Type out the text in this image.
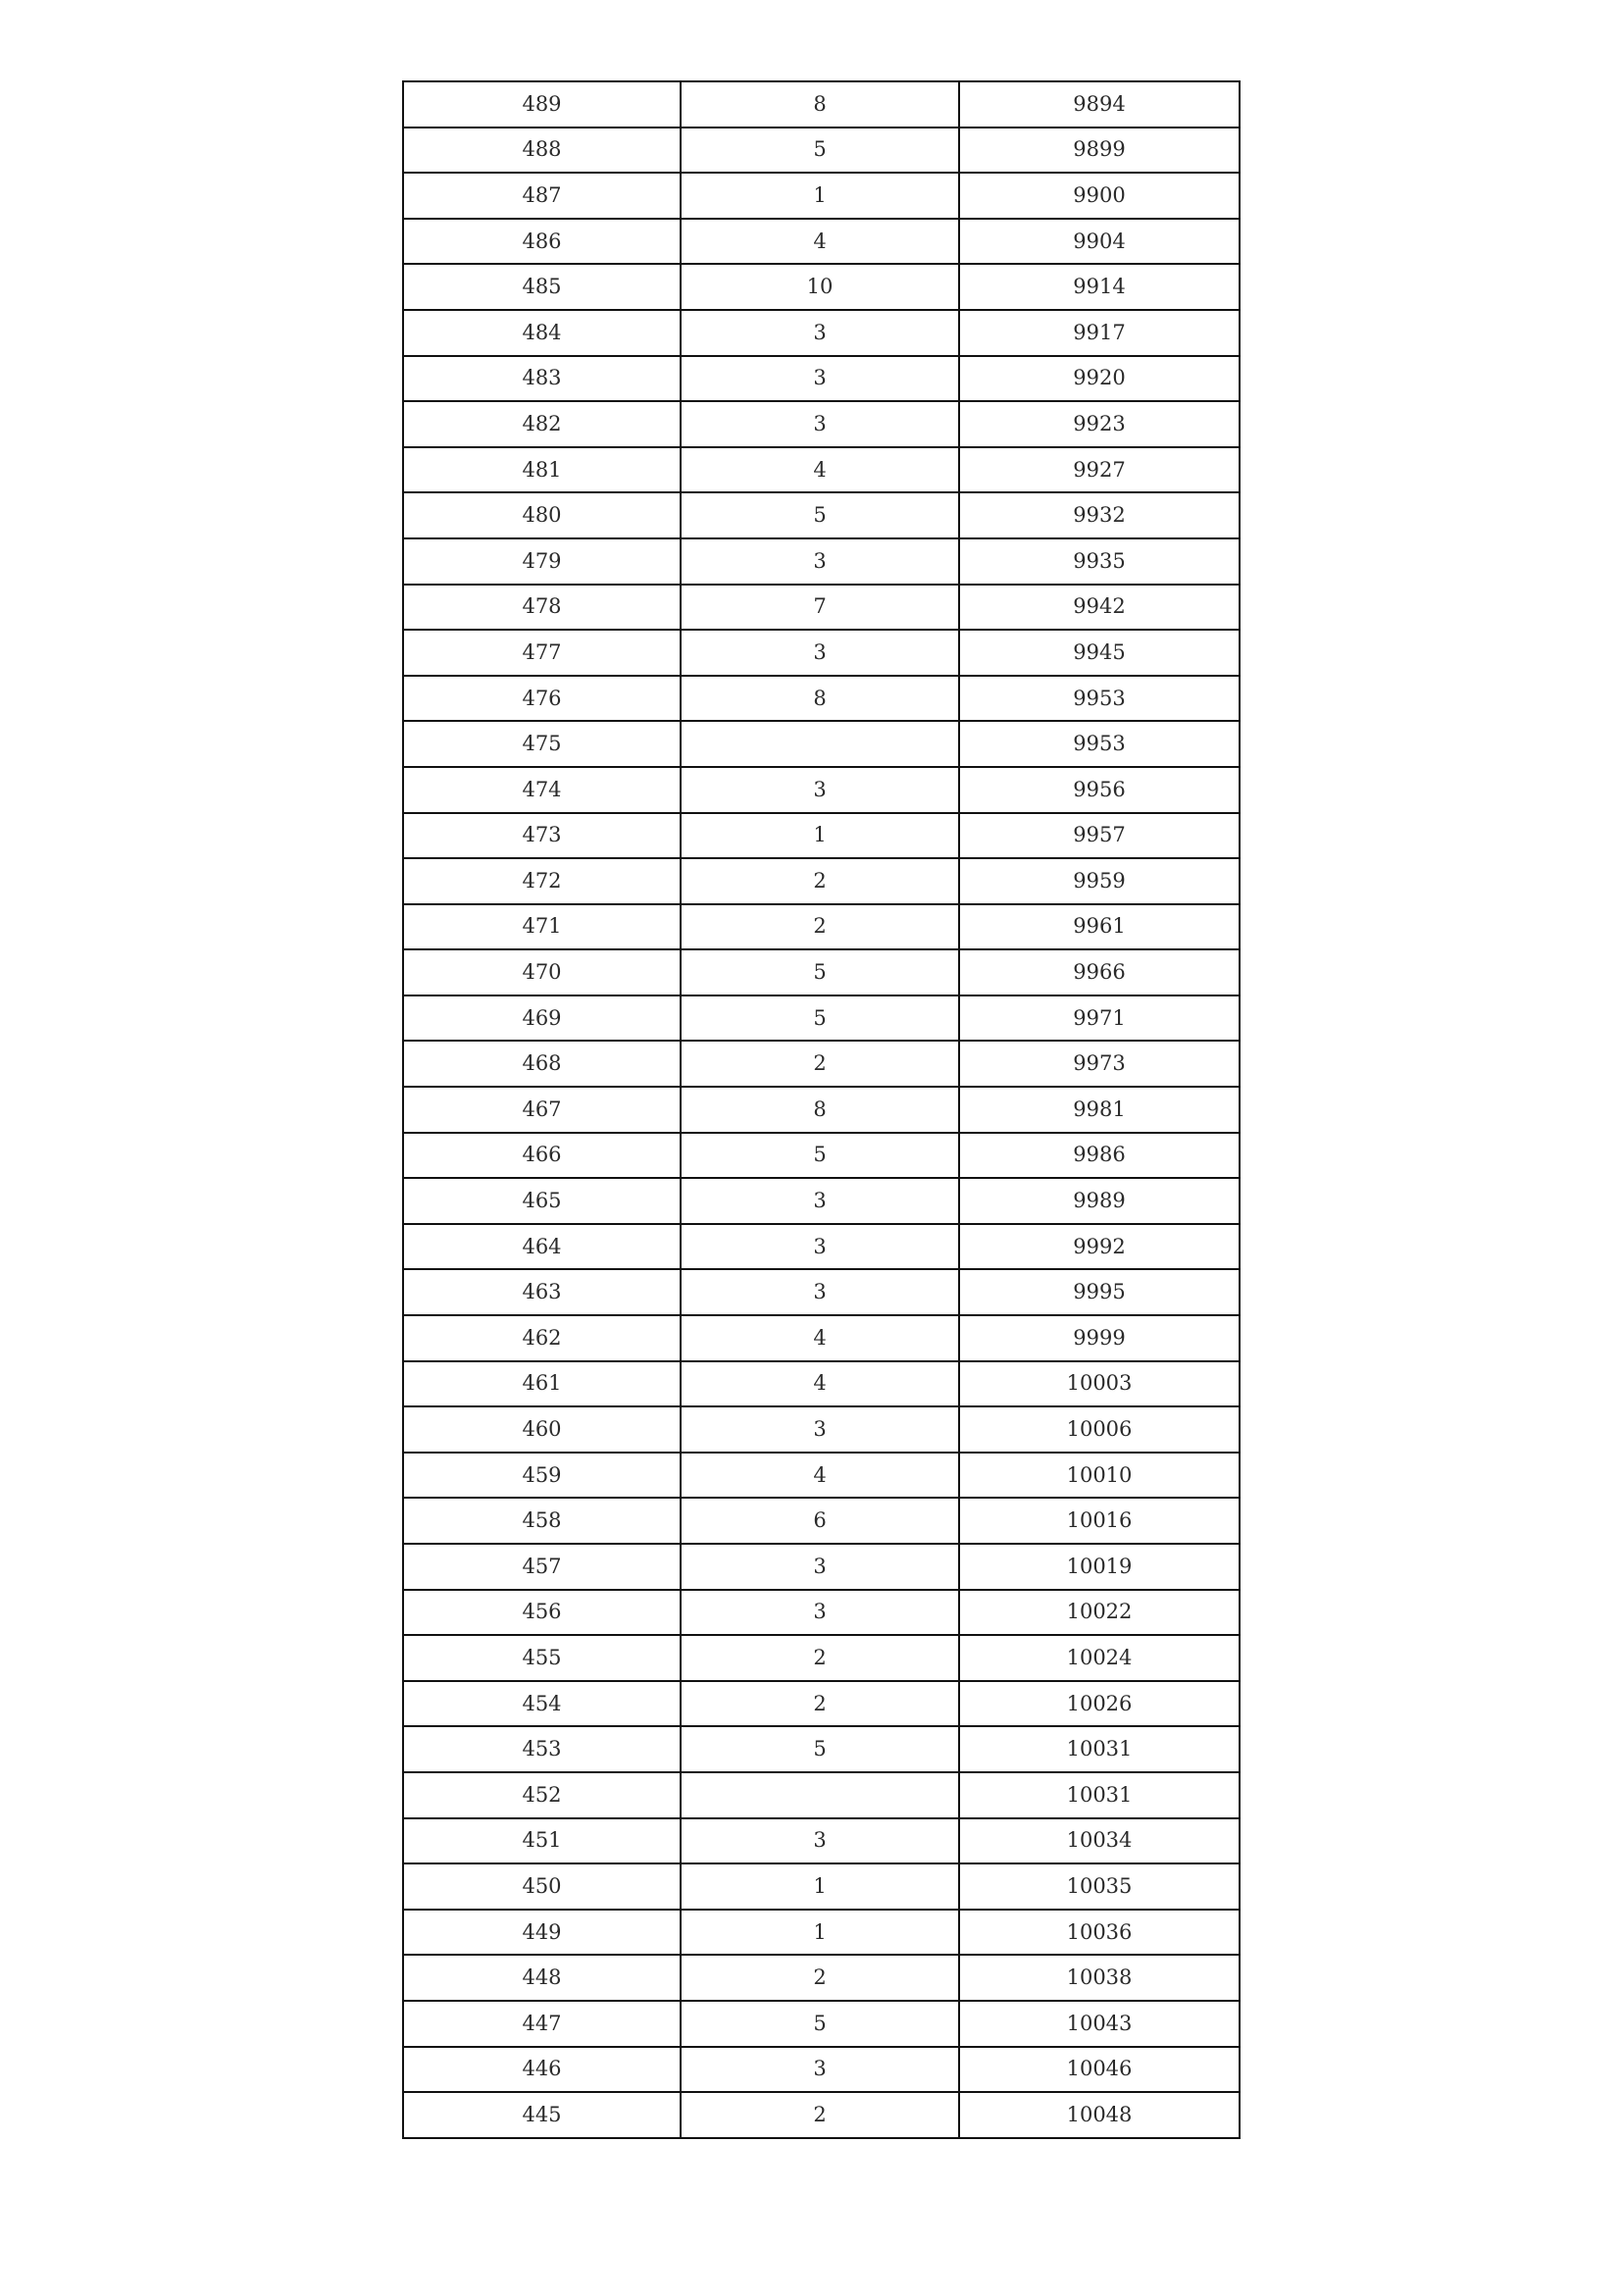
489	8	9894
488	5	9899
487	1	9900
486	4	9904
485	10	9914
484	3	9917
483	3	9920
482	3	9923
481	4	9927
480	5	9932
479	3	9935
478	7	9942
477	3	9945
476	8	9953
475		9953
474	3	9956
473	1	9957
472	2	9959
471	2	9961
470	5	9966
469	5	9971
468	2	9973
467	8	9981
466	5	9986
465	3	9989
464	3	9992
463	3	9995
462	4	9999
461	4	10003
460	3	10006
459	4	10010
458	6	10016
457	3	10019
456	3	10022
455	2	10024
454	2	10026
453	5	10031
452		10031
451	3	10034
450	1	10035
449	1	10036
448	2	10038
447	5	10043
446	3	10046
445	2	10048
